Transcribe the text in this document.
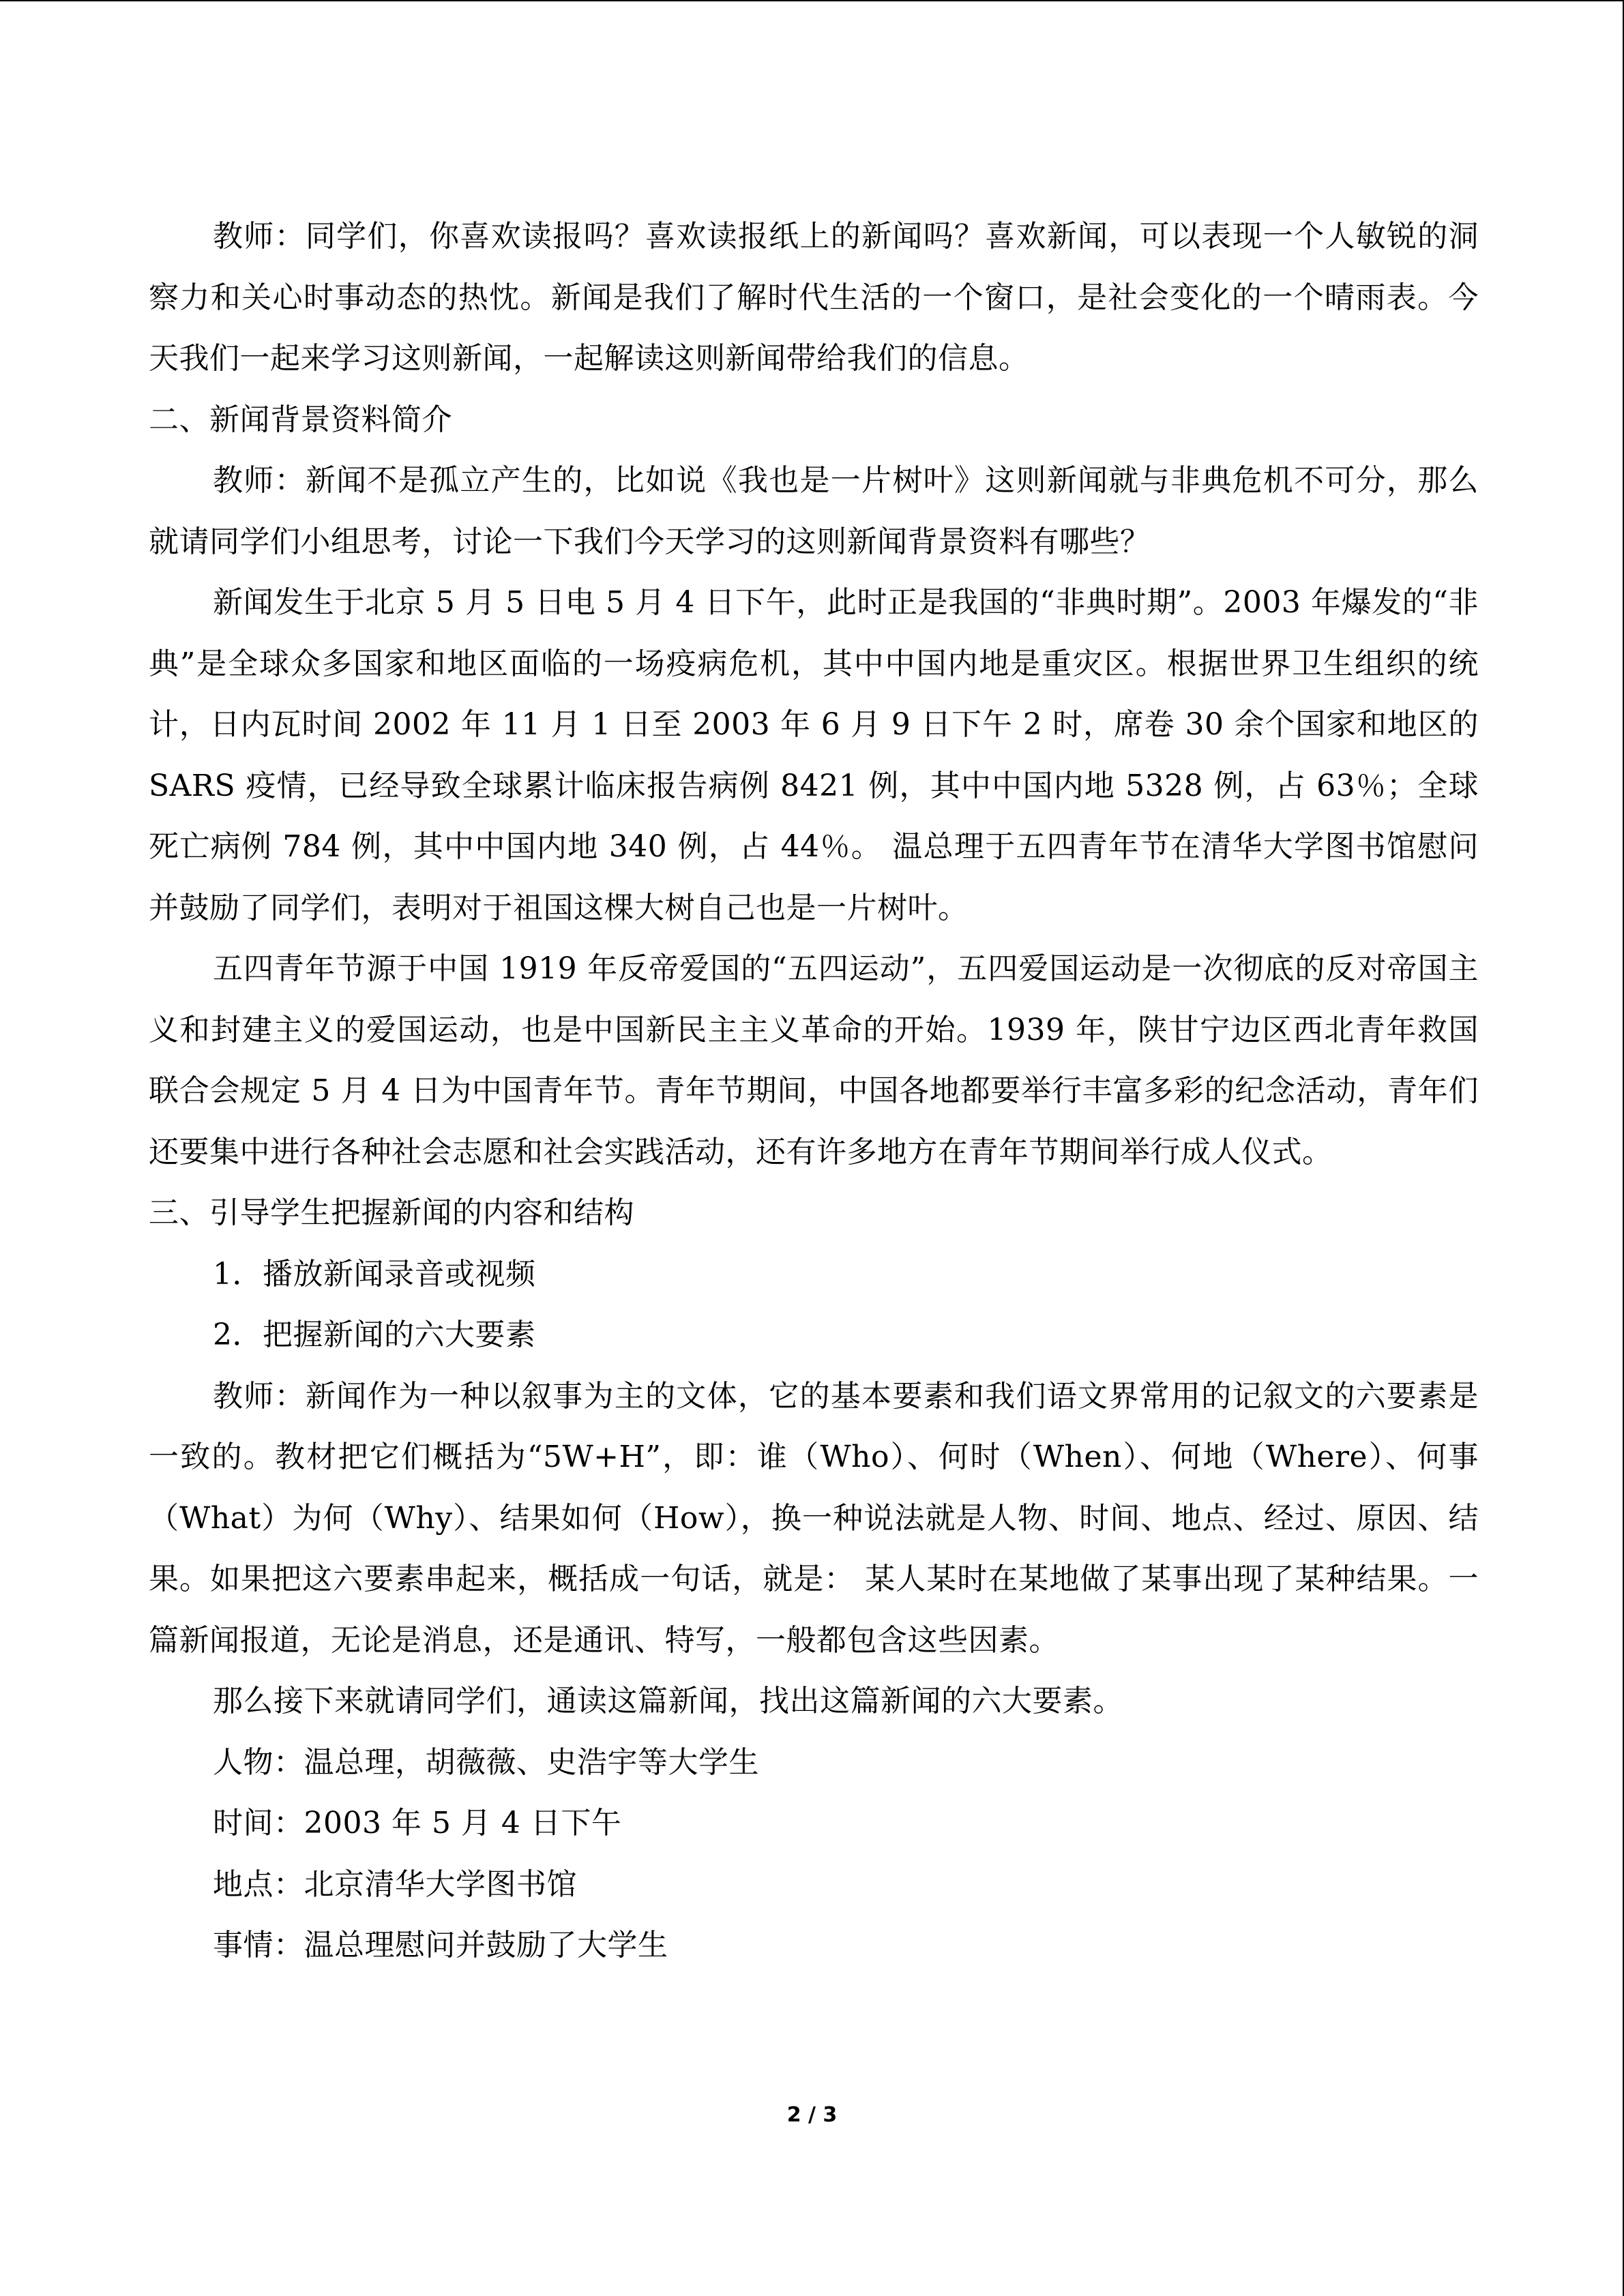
教师：同学们，你喜欢读报吗？喜欢读报纸上的新闻吗？喜欢新闻，可以表现一个人敏锐的洞察力和关心时事动态的热忱。新闻是我们了解时代生活的一个窗口，是社会变化的一个晴雨表。今天我们一起来学习这则新闻，一起解读这则新闻带给我们的信息。

二、新闻背景资料简介

教师：新闻不是孤立产生的，比如说《我也是一片树叶》这则新闻就与非典危机不可分，那么就请同学们小组思考，讨论一下我们今天学习的这则新闻背景资料有哪些？

新闻发生于北京 5 月 5 日电 5 月 4 日下午，此时正是我国的“非典时期”。2003 年爆发的“非典”是全球众多国家和地区面临的一场疫病危机，其中中国内地是重灾区。根据世界卫生组织的统计，日内瓦时间 2002 年 11 月 1 日至 2003 年 6 月 9 日下午 2 时，席卷 30 余个国家和地区的 SARS 疫情，已经导致全球累计临床报告病例 8421 例，其中中国内地 5328 例，占 63％；全球死亡病例 784 例，其中中国内地 340 例，占 44％。 温总理于五四青年节在清华大学图书馆慰问并鼓励了同学们，表明对于祖国这棵大树自己也是一片树叶。

五四青年节源于中国 1919 年反帝爱国的“五四运动”，五四爱国运动是一次彻底的反对帝国主义和封建主义的爱国运动，也是中国新民主主义革命的开始。1939 年，陕甘宁边区西北青年救国联合会规定 5 月 4 日为中国青年节。青年节期间，中国各地都要举行丰富多彩的纪念活动，青年们还要集中进行各种社会志愿和社会实践活动，还有许多地方在青年节期间举行成人仪式。

三、引导学生把握新闻的内容和结构

1．播放新闻录音或视频

2．把握新闻的六大要素

教师：新闻作为一种以叙事为主的文体，它的基本要素和我们语文界常用的记叙文的六要素是一致的。教材把它们概括为“5W+H”，即：谁（Who）、何时（When）、何地（Where）、何事（What）为何（Why）、结果如何（How），换一种说法就是人物、时间、地点、经过、原因、结果。如果把这六要素串起来，概括成一句话，就是： 某人某时在某地做了某事出现了某种结果。一篇新闻报道，无论是消息，还是通讯、特写，一般都包含这些因素。

那么接下来就请同学们，通读这篇新闻，找出这篇新闻的六大要素。

人物：温总理，胡薇薇、史浩宇等大学生

时间：2003 年 5 月 4 日下午

地点：北京清华大学图书馆

事情：温总理慰问并鼓励了大学生

2 / 3
